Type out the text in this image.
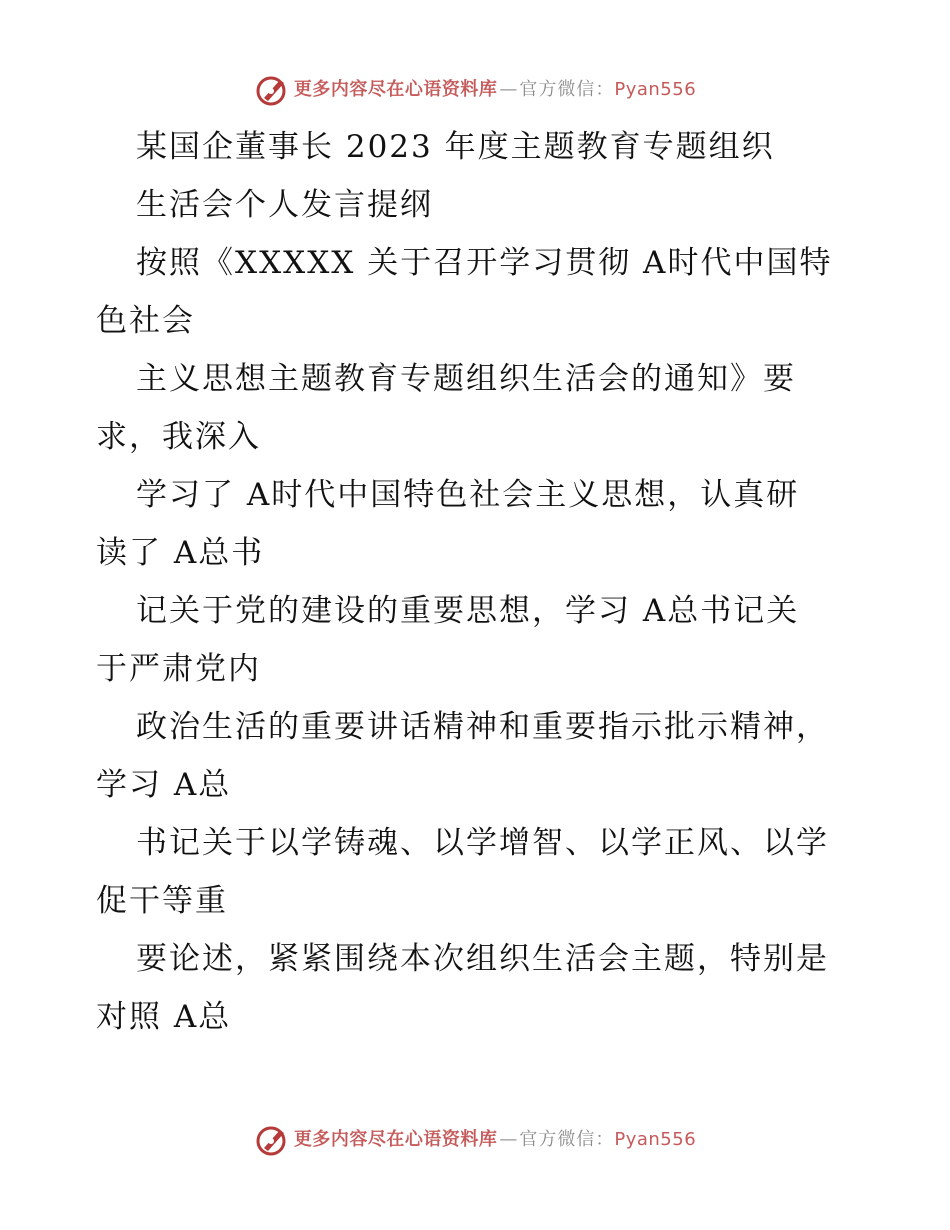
更多内容尽在心语资料库 — 官方微信： Pyan556
某国企董事长 2023 年度主题教育专题组织
生活会个人发言提纲
按照《XXXXX 关于召开学习贯彻 A时代中国特
色社会
主义思想主题教育专题组织生活会的通知》要
求，我深入
学习了 A时代中国特色社会主义思想，认真研
读了 A总书
记关于党的建设的重要思想，学习 A总书记关
于严肃党内
政治生活的重要讲话精神和重要指示批示精神，
学习 A总
书记关于以学铸魂、以学增智、以学正风、以学
促干等重
要论述，紧紧围绕本次组织生活会主题，特别是
对照 A总
更多内容尽在心语资料库 — 官方微信： Pyan556
